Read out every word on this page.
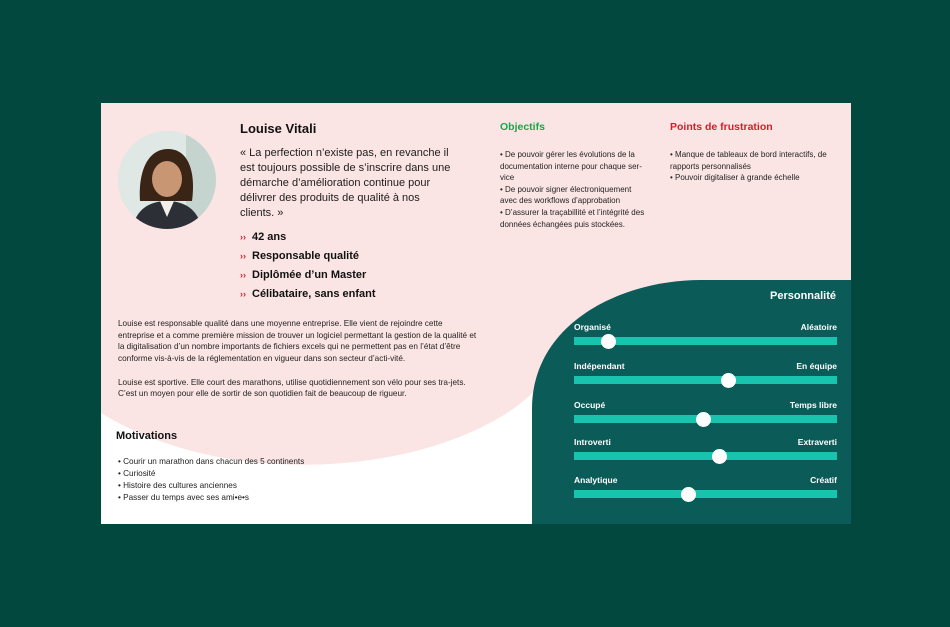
Louise Vitali
« La perfection n’existe pas, en revanche il est toujours possible de s’inscrire dans une démarche d’amélioration continue pour délivrer des produits de qualité à nos clients. »
›› 42 ans
›› Responsable qualité
›› Diplômée d’un Master
›› Célibataire, sans enfant

Louise est responsable qualité dans une moyenne entreprise. Elle vient de rejoindre cette entreprise et a comme première mission de trouver un logiciel permettant la gestion de la qualité et la digitalisation d’un nombre importants de fichiers excels qui ne permettent pas en l’état d’être conforme vis-à-vis de la réglementation en vigueur dans son secteur d’acti-vité.

Louise est sportive. Elle court des marathons, utilise quotidiennement son vélo pour ses tra-jets. C’est un moyen pour elle de sortir de son quotidien fait de beaucoup de rigueur.

Motivations
• Courir un marathon dans chacun des 5 continents
• Curiosité
• Histoire des cultures anciennes
• Passer du temps avec ses ami•e•s
Objectifs
• De pouvoir gérer les évolutions de la documentation interne pour chaque ser-vice
• De pouvoir signer électroniquement avec des workflows d’approbation
• D’assurer la traçabillité et l’intégrité des données échangées puis stockées.
Points de frustration
• Manque de tableaux de bord interactifs, de rapports personnalisés
• Pouvoir digitaliser à grande échelle
Personnalité
Organisé	Aléatoire
Indépendant	En équipe
Occupé	Temps libre
Introverti	Extraverti
Analytique	Créatif
